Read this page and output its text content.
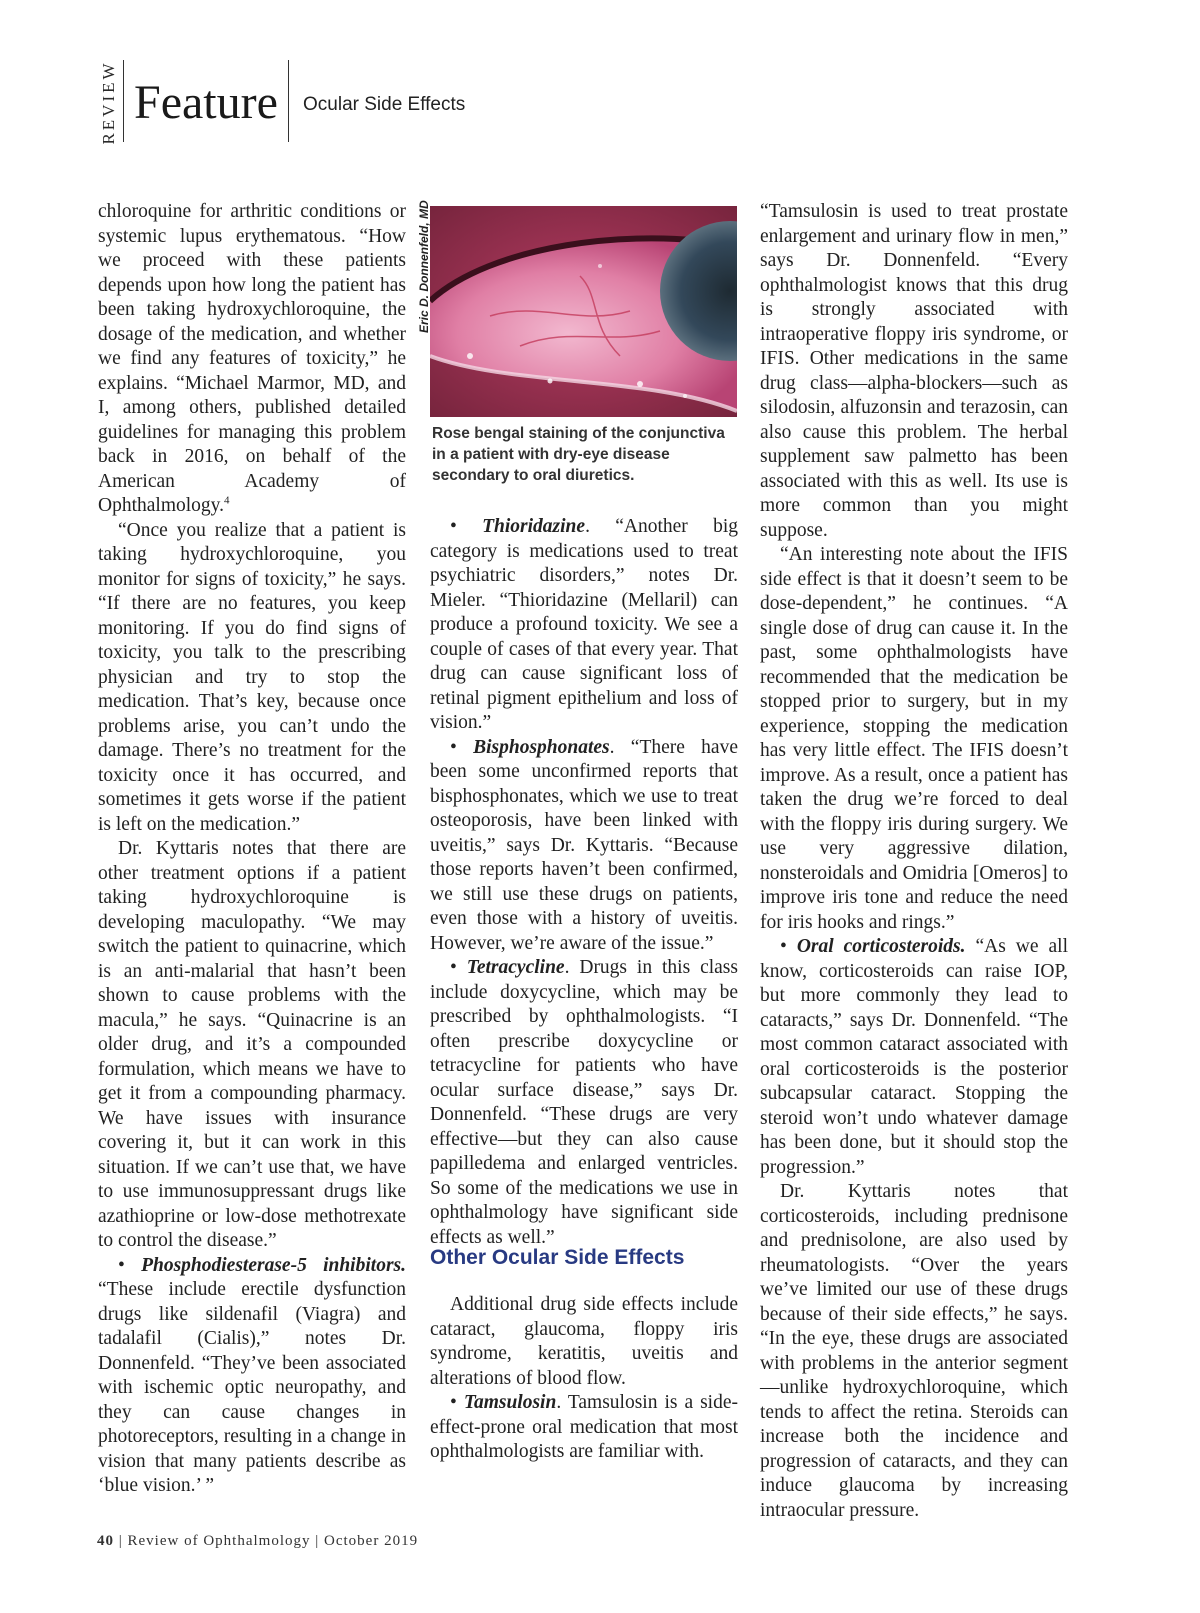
REVIEW Feature Ocular Side Effects

chloroquine for arthritic conditions or systemic lupus erythematous. “How we proceed with these patients depends upon how long the patient has been taking hydroxychloroquine, the dosage of the medication, and whether we find any features of toxicity,” he explains. “Michael Marmor, MD, and I, among others, published detailed guidelines for managing this problem back in 2016, on behalf of the American Academy of Ophthalmology.$^4$

“Once you realize that a patient is taking hydroxychloroquine, you monitor for signs of toxicity,” he says. “If there are no features, you keep monitoring. If you do find signs of toxicity, you talk to the prescribing physician and try to stop the medication. That’s key, because once problems arise, you can’t undo the damage. There’s no treatment for the toxicity once it has occurred, and sometimes it gets worse if the patient is left on the medication.”

Dr. Kyttaris notes that there are other treatment options if a patient taking hydroxychloroquine is developing maculopathy. “We may switch the patient to quinacrine, which is an anti-malarial that hasn’t been shown to cause problems with the macula,” he says. “Quinacrine is an older drug, and it’s a compounded formulation, which means we have to get it from a compounding pharmacy. We have issues with insurance covering it, but it can work in this situation. If we can’t use that, we have to use immunosuppressant drugs like azathioprine or low-dose methotrexate to control the disease.”

• Phosphodiesterase-5 inhibitors. “These include erectile dysfunction drugs like sildenafil (Viagra) and tadalafil (Cialis),” notes Dr. Donnenfeld. “They’ve been associated with ischemic optic neuropathy, and they can cause changes in photoreceptors, resulting in a change in vision that many patients describe as ‘blue vision.’ ”

Eric D. Donnenfeld, MD
Rose bengal staining of the conjunctiva in a patient with dry-eye disease secondary to oral diuretics.

• Thioridazine. “Another big category is medications used to treat psychiatric disorders,” notes Dr. Mieler. “Thioridazine (Mellaril) can produce a profound toxicity. We see a couple of cases of that every year. That drug can cause significant loss of retinal pigment epithelium and loss of vision.”

• Bisphosphonates. “There have been some unconfirmed reports that bisphosphonates, which we use to treat osteoporosis, have been linked with uveitis,” says Dr. Kyttaris. “Because those reports haven’t been confirmed, we still use these drugs on patients, even those with a history of uveitis. However, we’re aware of the issue.”

• Tetracycline. Drugs in this class include doxycycline, which may be prescribed by ophthalmologists. “I often prescribe doxycycline or tetracycline for patients who have ocular surface disease,” says Dr. Donnenfeld. “These drugs are very effective—but they can also cause papilledema and enlarged ventricles. So some of the medications we use in ophthalmology have significant side effects as well.”

Other Ocular Side Effects

Additional drug side effects include cataract, glaucoma, floppy iris syndrome, keratitis, uveitis and alterations of blood flow.

• Tamsulosin. Tamsulosin is a side-effect-prone oral medication that most ophthalmologists are familiar with.

“Tamsulosin is used to treat prostate enlargement and urinary flow in men,” says Dr. Donnenfeld. “Every ophthalmologist knows that this drug is strongly associated with intraoperative floppy iris syndrome, or IFIS. Other medications in the same drug class—alpha-blockers—such as silodosin, alfuzonsin and terazosin, can also cause this problem. The herbal supplement saw palmetto has been associated with this as well. Its use is more common than you might suppose.

“An interesting note about the IFIS side effect is that it doesn’t seem to be dose-dependent,” he continues. “A single dose of drug can cause it. In the past, some ophthalmologists have recommended that the medication be stopped prior to surgery, but in my experience, stopping the medication has very little effect. The IFIS doesn’t improve. As a result, once a patient has taken the drug we’re forced to deal with the floppy iris during surgery. We use very aggressive dilation, nonsteroidals and Omidria [Omeros] to improve iris tone and reduce the need for iris hooks and rings.”

• Oral corticosteroids. “As we all know, corticosteroids can raise IOP, but more commonly they lead to cataracts,” says Dr. Donnenfeld. “The most common cataract associated with oral corticosteroids is the posterior subcapsular cataract. Stopping the steroid won’t undo whatever damage has been done, but it should stop the progression.”

Dr. Kyttaris notes that corticosteroids, including prednisone and prednisolone, are also used by rheumatologists. “Over the years we’ve limited our use of these drugs because of their side effects,” he says. “In the eye, these drugs are associated with problems in the anterior segment—unlike hydroxychloroquine, which tends to affect the retina. Steroids can increase both the incidence and progression of cataracts, and they can induce glaucoma by increasing intraocular pressure.

40 | Review of Ophthalmology | October 2019
